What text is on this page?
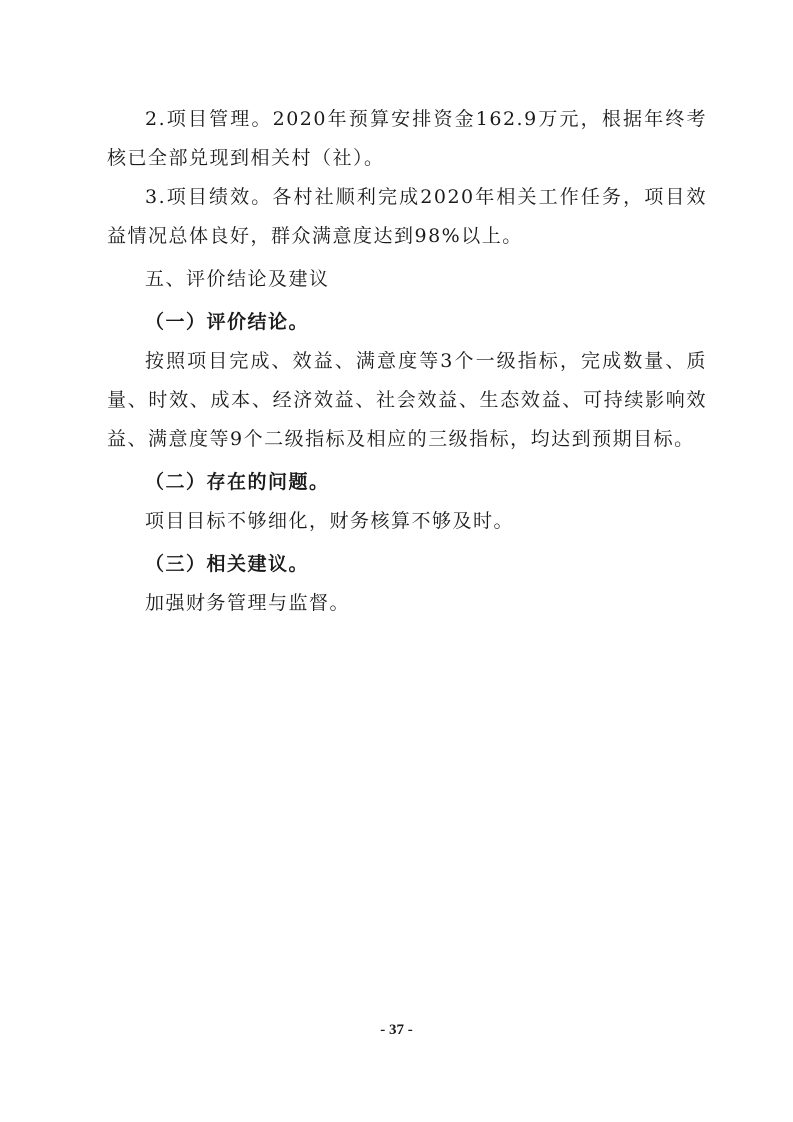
2.项目管理。2020年预算安排资金162.9万元，根据年终考核已全部兑现到相关村（社）。

3.项目绩效。各村社顺利完成2020年相关工作任务，项目效益情况总体良好，群众满意度达到98%以上。

五、评价结论及建议

（一）评价结论。

按照项目完成、效益、满意度等3个一级指标，完成数量、质量、时效、成本、经济效益、社会效益、生态效益、可持续影响效益、满意度等9个二级指标及相应的三级指标，均达到预期目标。

（二）存在的问题。

项目目标不够细化，财务核算不够及时。

（三）相关建议。

加强财务管理与监督。

- 37 -
